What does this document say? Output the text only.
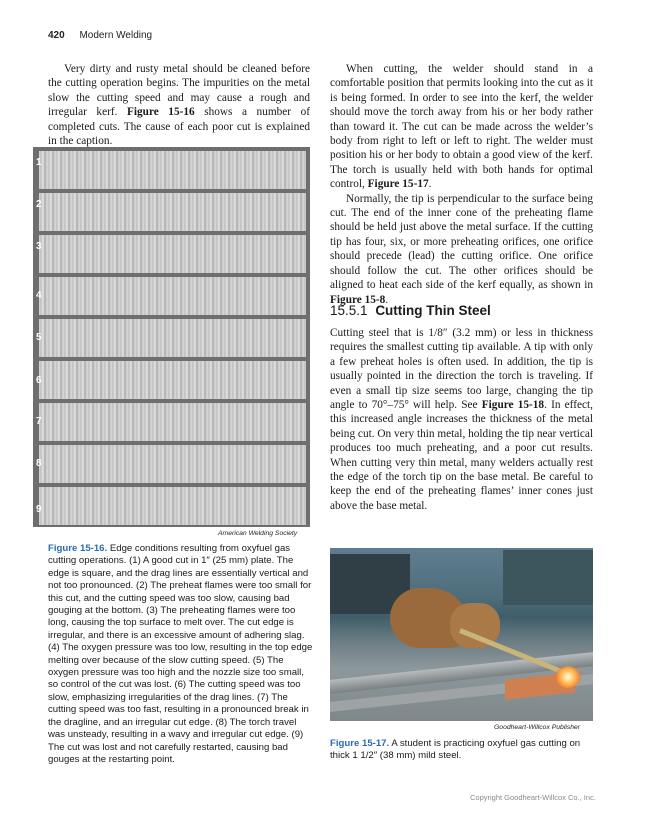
420 Modern Welding

Very dirty and rusty metal should be cleaned before the cutting operation begins. The impurities on the metal slow the cutting speed and may cause a rough and irregular kerf. Figure 15-16 shows a number of completed cuts. The cause of each poor cut is explained in the caption.

1
2
3
4
5
6
7
8
9
American Welding Society
Figure 15-16. Edge conditions resulting from oxyfuel gas cutting operations. (1) A good cut in 1″ (25 mm) plate. The edge is square, and the drag lines are essentially vertical and not too pronounced. (2) The preheat flames were too small for this cut, and the cutting speed was too slow, causing bad gouging at the bottom. (3) The preheating flames were too long, causing the top surface to melt over. The cut edge is irregular, and there is an excessive amount of adhering slag. (4) The oxygen pressure was too low, resulting in the top edge melting over because of the slow cutting speed. (5) The oxygen pressure was too high and the nozzle size too small, so control of the cut was lost. (6) The cutting speed was too slow, emphasizing irregularities of the drag lines. (7) The cutting speed was too fast, resulting in a pronounced break in the dragline, and an irregular cut edge. (8) The torch travel was unsteady, resulting in a wavy and irregular cut edge. (9) The cut was lost and not carefully restarted, causing bad gouges at the restarting point.

When cutting, the welder should stand in a comfortable position that permits looking into the cut as it is being formed. In order to see into the kerf, the welder should move the torch away from his or her body rather than toward it. The cut can be made across the welder’s body from right to left or left to right. The welder must position his or her body to obtain a good view of the kerf. The torch is usually held with both hands for optimal control, Figure 15-17.

Normally, the tip is perpendicular to the surface being cut. The end of the inner cone of the preheating flame should be held just above the metal surface. If the cutting tip has four, six, or more preheating orifices, one orifice should precede (lead) the cutting orifice. One orifice should follow the cut. The other orifices should be aligned to heat each side of the kerf equally, as shown in Figure 15-8.

15.5.1 Cutting Thin Steel

Cutting steel that is 1/8″ (3.2 mm) or less in thickness requires the smallest cutting tip available. A tip with only a few preheat holes is often used. In addition, the tip is usually pointed in the direction the torch is traveling. If even a small tip size seems too large, changing the tip angle to 70°–75° will help. See Figure 15-18. In effect, this increased angle increases the thickness of the metal being cut. On very thin metal, holding the tip near vertical produces too much preheating, and a poor cut results. When cutting very thin metal, many welders actually rest the edge of the torch tip on the base metal. Be careful to keep the end of the preheating flames’ inner cones just above the base metal.

Goodheart-Willcox Publisher
Figure 15-17. A student is practicing oxyfuel gas cutting on thick 1 1/2″ (38 mm) mild steel.
Copyright Goodheart-Willcox Co., Inc.
